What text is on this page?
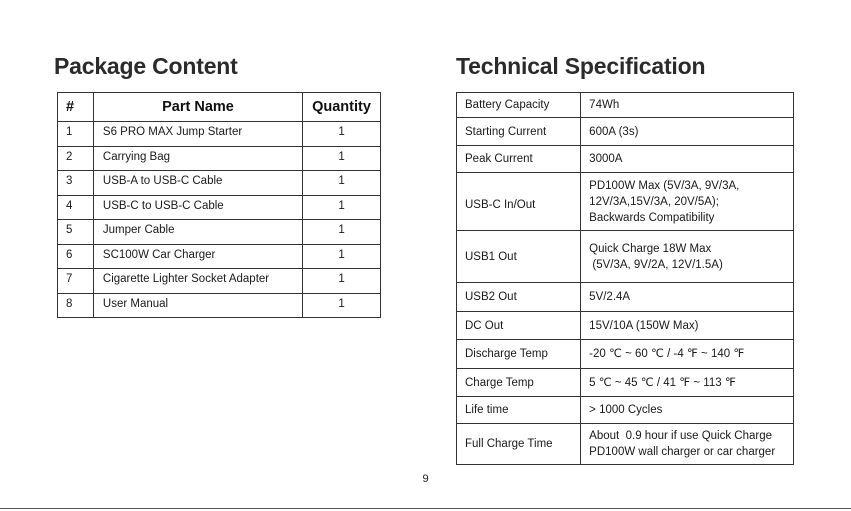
Package Content	Technical Specification
#	Part Name	Quantity
1	S6 PRO MAX Jump Starter	1
2	Carrying Bag	1
3	USB-A to USB-C Cable	1
4	USB-C to USB-C Cable	1
5	Jumper Cable	1
6	SC100W Car Charger	1
7	Cigarette Lighter Socket Adapter	1
8	User Manual	1
Battery Capacity	74Wh

Starting Current	600A (3s)

Peak Current	3000A

USB-C In/Out	PD100W Max (5V/3A, 9V/3A,
12V/3A,15V/3A, 20V/5A);
Backwards Compatibility

USB1 Out	Quick Charge 18W Max
(5V/3A, 9V/2A, 12V/1.5A)

USB2 Out	5V/2.4A

DC Out	15V/10A (150W Max)

Discharge Temp	-20 ℃ ~ 60 ℃ / -4 ℉ ~ 140 ℉

Charge Temp	5 ℃ ~ 45 ℃ / 41 ℉ ~ 113 ℉

Life time	> 1000 Cycles

Full Charge Time	About  0.9 hour if use Quick Charge
PD100W wall charger or car charger
9
